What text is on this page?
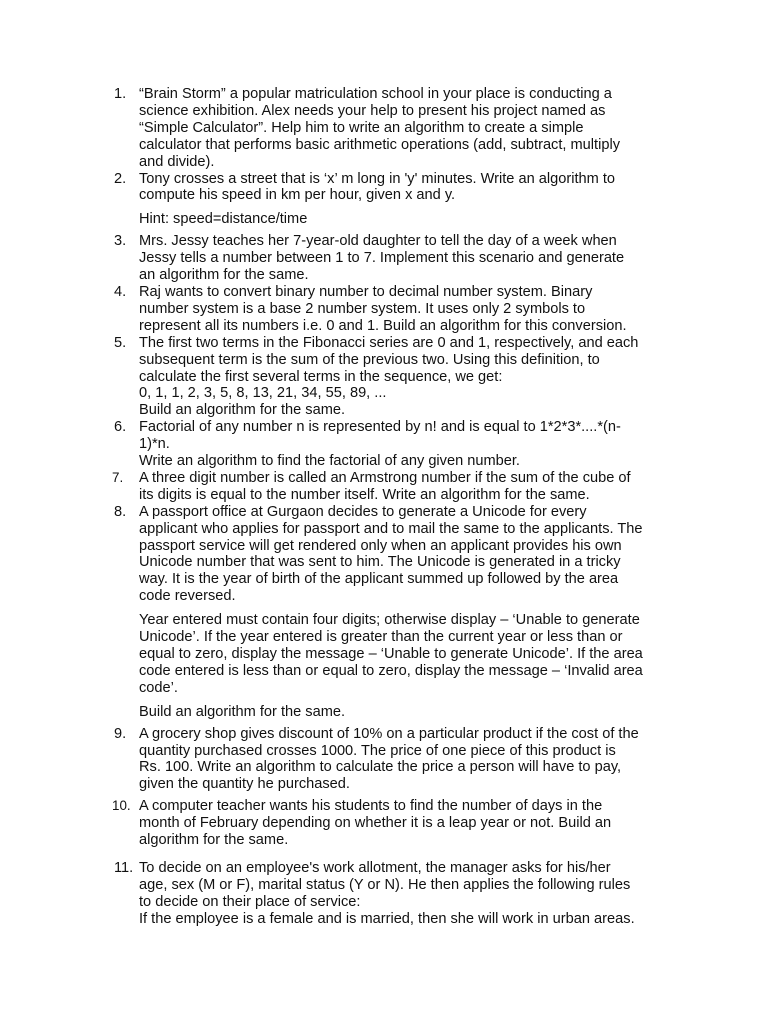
1. “Brain Storm” a popular matriculation school in your place is conducting a
science exhibition. Alex needs your help to present his project named as
“Simple Calculator”. Help him to write an algorithm to create a simple
calculator that performs basic arithmetic operations (add, subtract, multiply
and divide).
2. Tony crosses a street that is ‘x’ m long in 'y' minutes. Write an algorithm to
compute his speed in km per hour, given x and y.
Hint: speed=distance/time
3. Mrs. Jessy teaches her 7-year-old daughter to tell the day of a week when
Jessy tells a number between 1 to 7. Implement this scenario and generate
an algorithm for the same.
4. Raj wants to convert binary number to decimal number system. Binary
number system is a base 2 number system. It uses only 2 symbols to
represent all its numbers i.e. 0 and 1. Build an algorithm for this conversion.
5. The first two terms in the Fibonacci series are 0 and 1, respectively, and each
subsequent term is the sum of the previous two. Using this definition, to
calculate the first several terms in the sequence, we get:
0, 1, 1, 2, 3, 5, 8, 13, 21, 34, 55, 89, ...
Build an algorithm for the same.
6. Factorial of any number n is represented by n! and is equal to 1*2*3*....*(n-
1)*n.
Write an algorithm to find the factorial of any given number.
7.	A three digit number is called an Armstrong number if the sum of the cube of
its digits is equal to the number itself. Write an algorithm for the same.
8. A passport office at Gurgaon decides to generate a Unicode for every
applicant who applies for passport and to mail the same to the applicants. The
passport service will get rendered only when an applicant provides his own
Unicode number that was sent to him. The Unicode is generated in a tricky
way. It is the year of birth of the applicant summed up followed by the area
code reversed.
Year entered must contain four digits; otherwise display – ‘Unable to generate
Unicode’. If the year entered is greater than the current year or less than or
equal to zero, display the message – ‘Unable to generate Unicode’. If the area
code entered is less than or equal to zero, display the message – ‘Invalid area
code’.
Build an algorithm for the same.
9. A grocery shop gives discount of 10% on a particular product if the cost of the
quantity purchased crosses 1000. The price of one piece of this product is
Rs. 100. Write an algorithm to calculate the price a person will have to pay,
given the quantity he purchased.
10. A computer teacher wants his students to find the number of days in the
month of February depending on whether it is a leap year or not. Build an
algorithm for the same.
11. To decide on an employee's work allotment, the manager asks for his/her
age, sex (M or F), marital status (Y or N). He then applies the following rules
to decide on their place of service:
If the employee is a female and is married, then she will work in urban areas.
